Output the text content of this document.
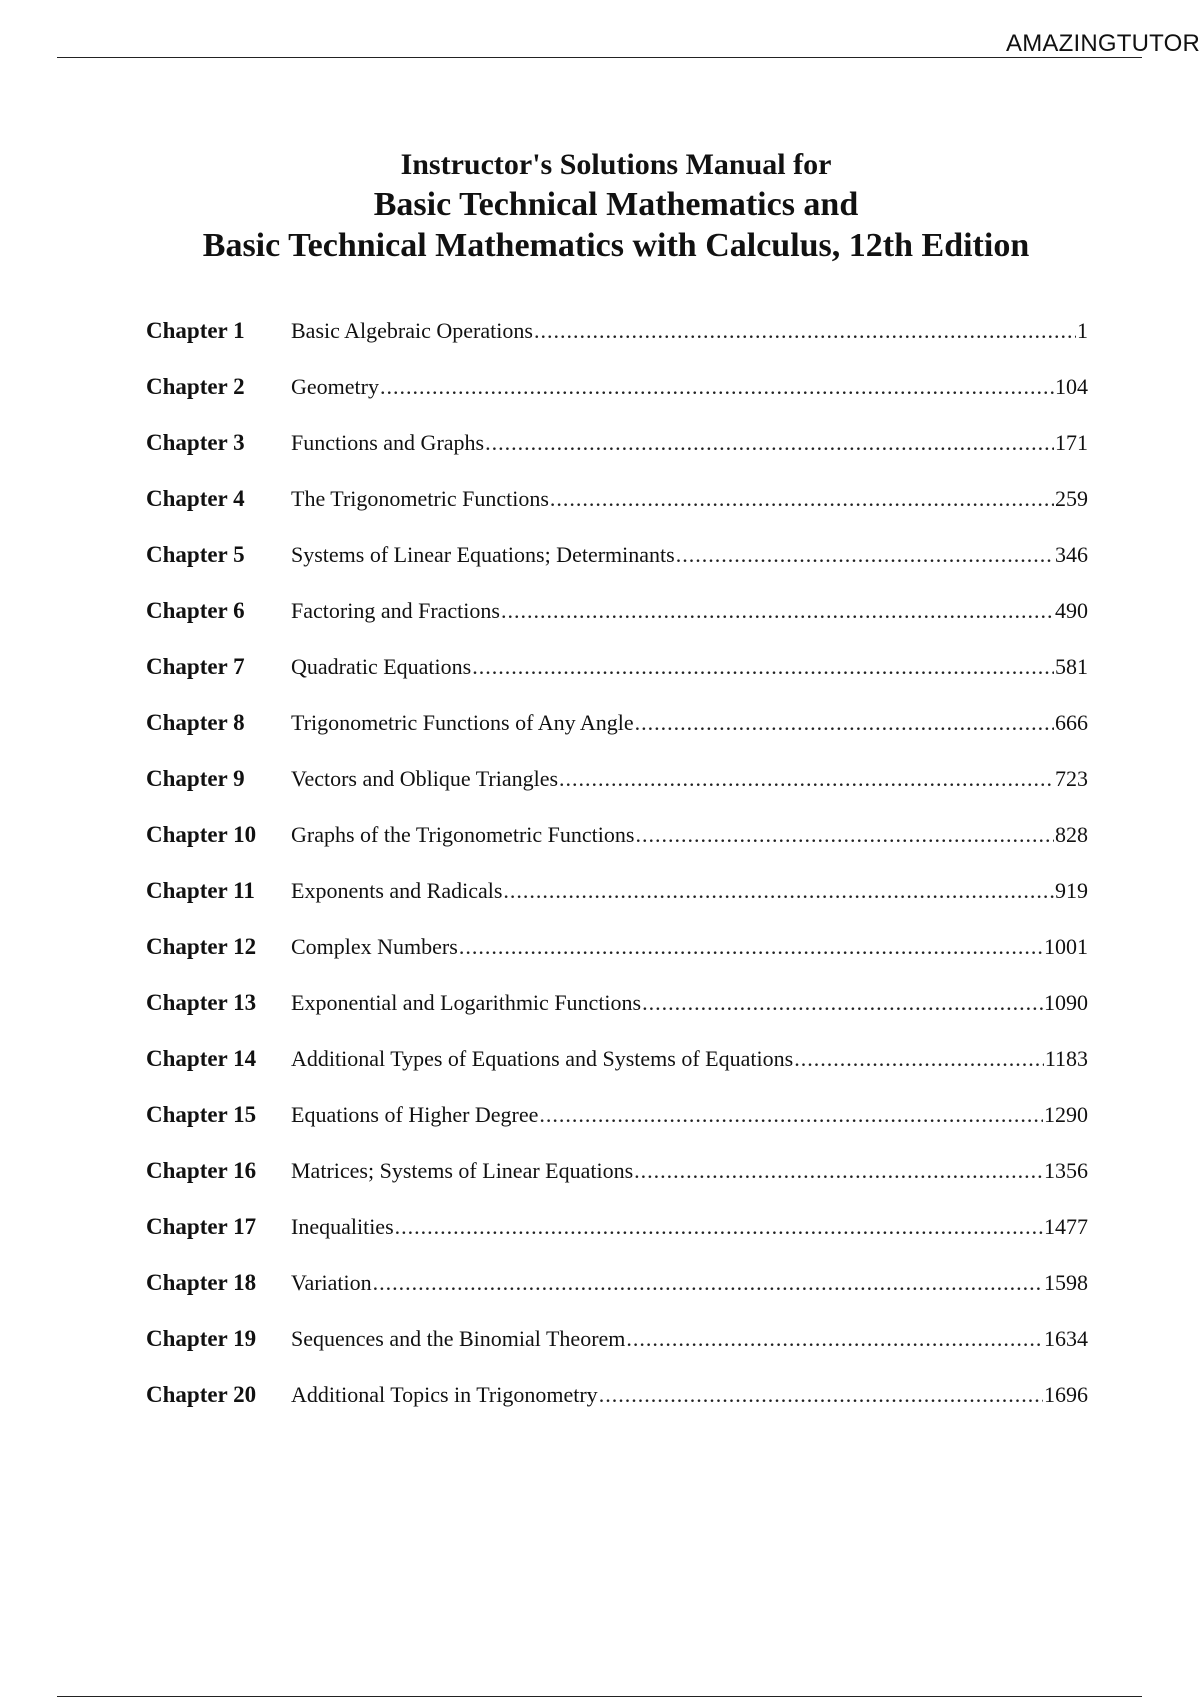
AMAZINGTUTOR
Instructor's Solutions Manual for
Basic Technical Mathematics and
Basic Technical Mathematics with Calculus, 12th Edition
Chapter 1	Basic Algebraic Operations .....	1
Chapter 2	Geometry .....	104
Chapter 3	Functions and Graphs .....	171
Chapter 4	The Trigonometric Functions .....	259
Chapter 5	Systems of Linear Equations; Determinants .....	346
Chapter 6	Factoring and Fractions .....	490
Chapter 7	Quadratic Equations .....	581
Chapter 8	Trigonometric Functions of Any Angle .....	666
Chapter 9	Vectors and Oblique Triangles .....	723
Chapter 10	Graphs of the Trigonometric Functions .....	828
Chapter 11	Exponents and Radicals .....	919
Chapter 12	Complex Numbers .....	1001
Chapter 13	Exponential and Logarithmic Functions .....	1090
Chapter 14	Additional Types of Equations and Systems of Equations .....	1183
Chapter 15	Equations of Higher Degree .....	1290
Chapter 16	Matrices; Systems of Linear Equations .....	1356
Chapter 17	Inequalities .....	1477
Chapter 18	Variation .....	1598
Chapter 19	Sequences and the Binomial Theorem .....	1634
Chapter 20	Additional Topics in Trigonometry .....	1696
